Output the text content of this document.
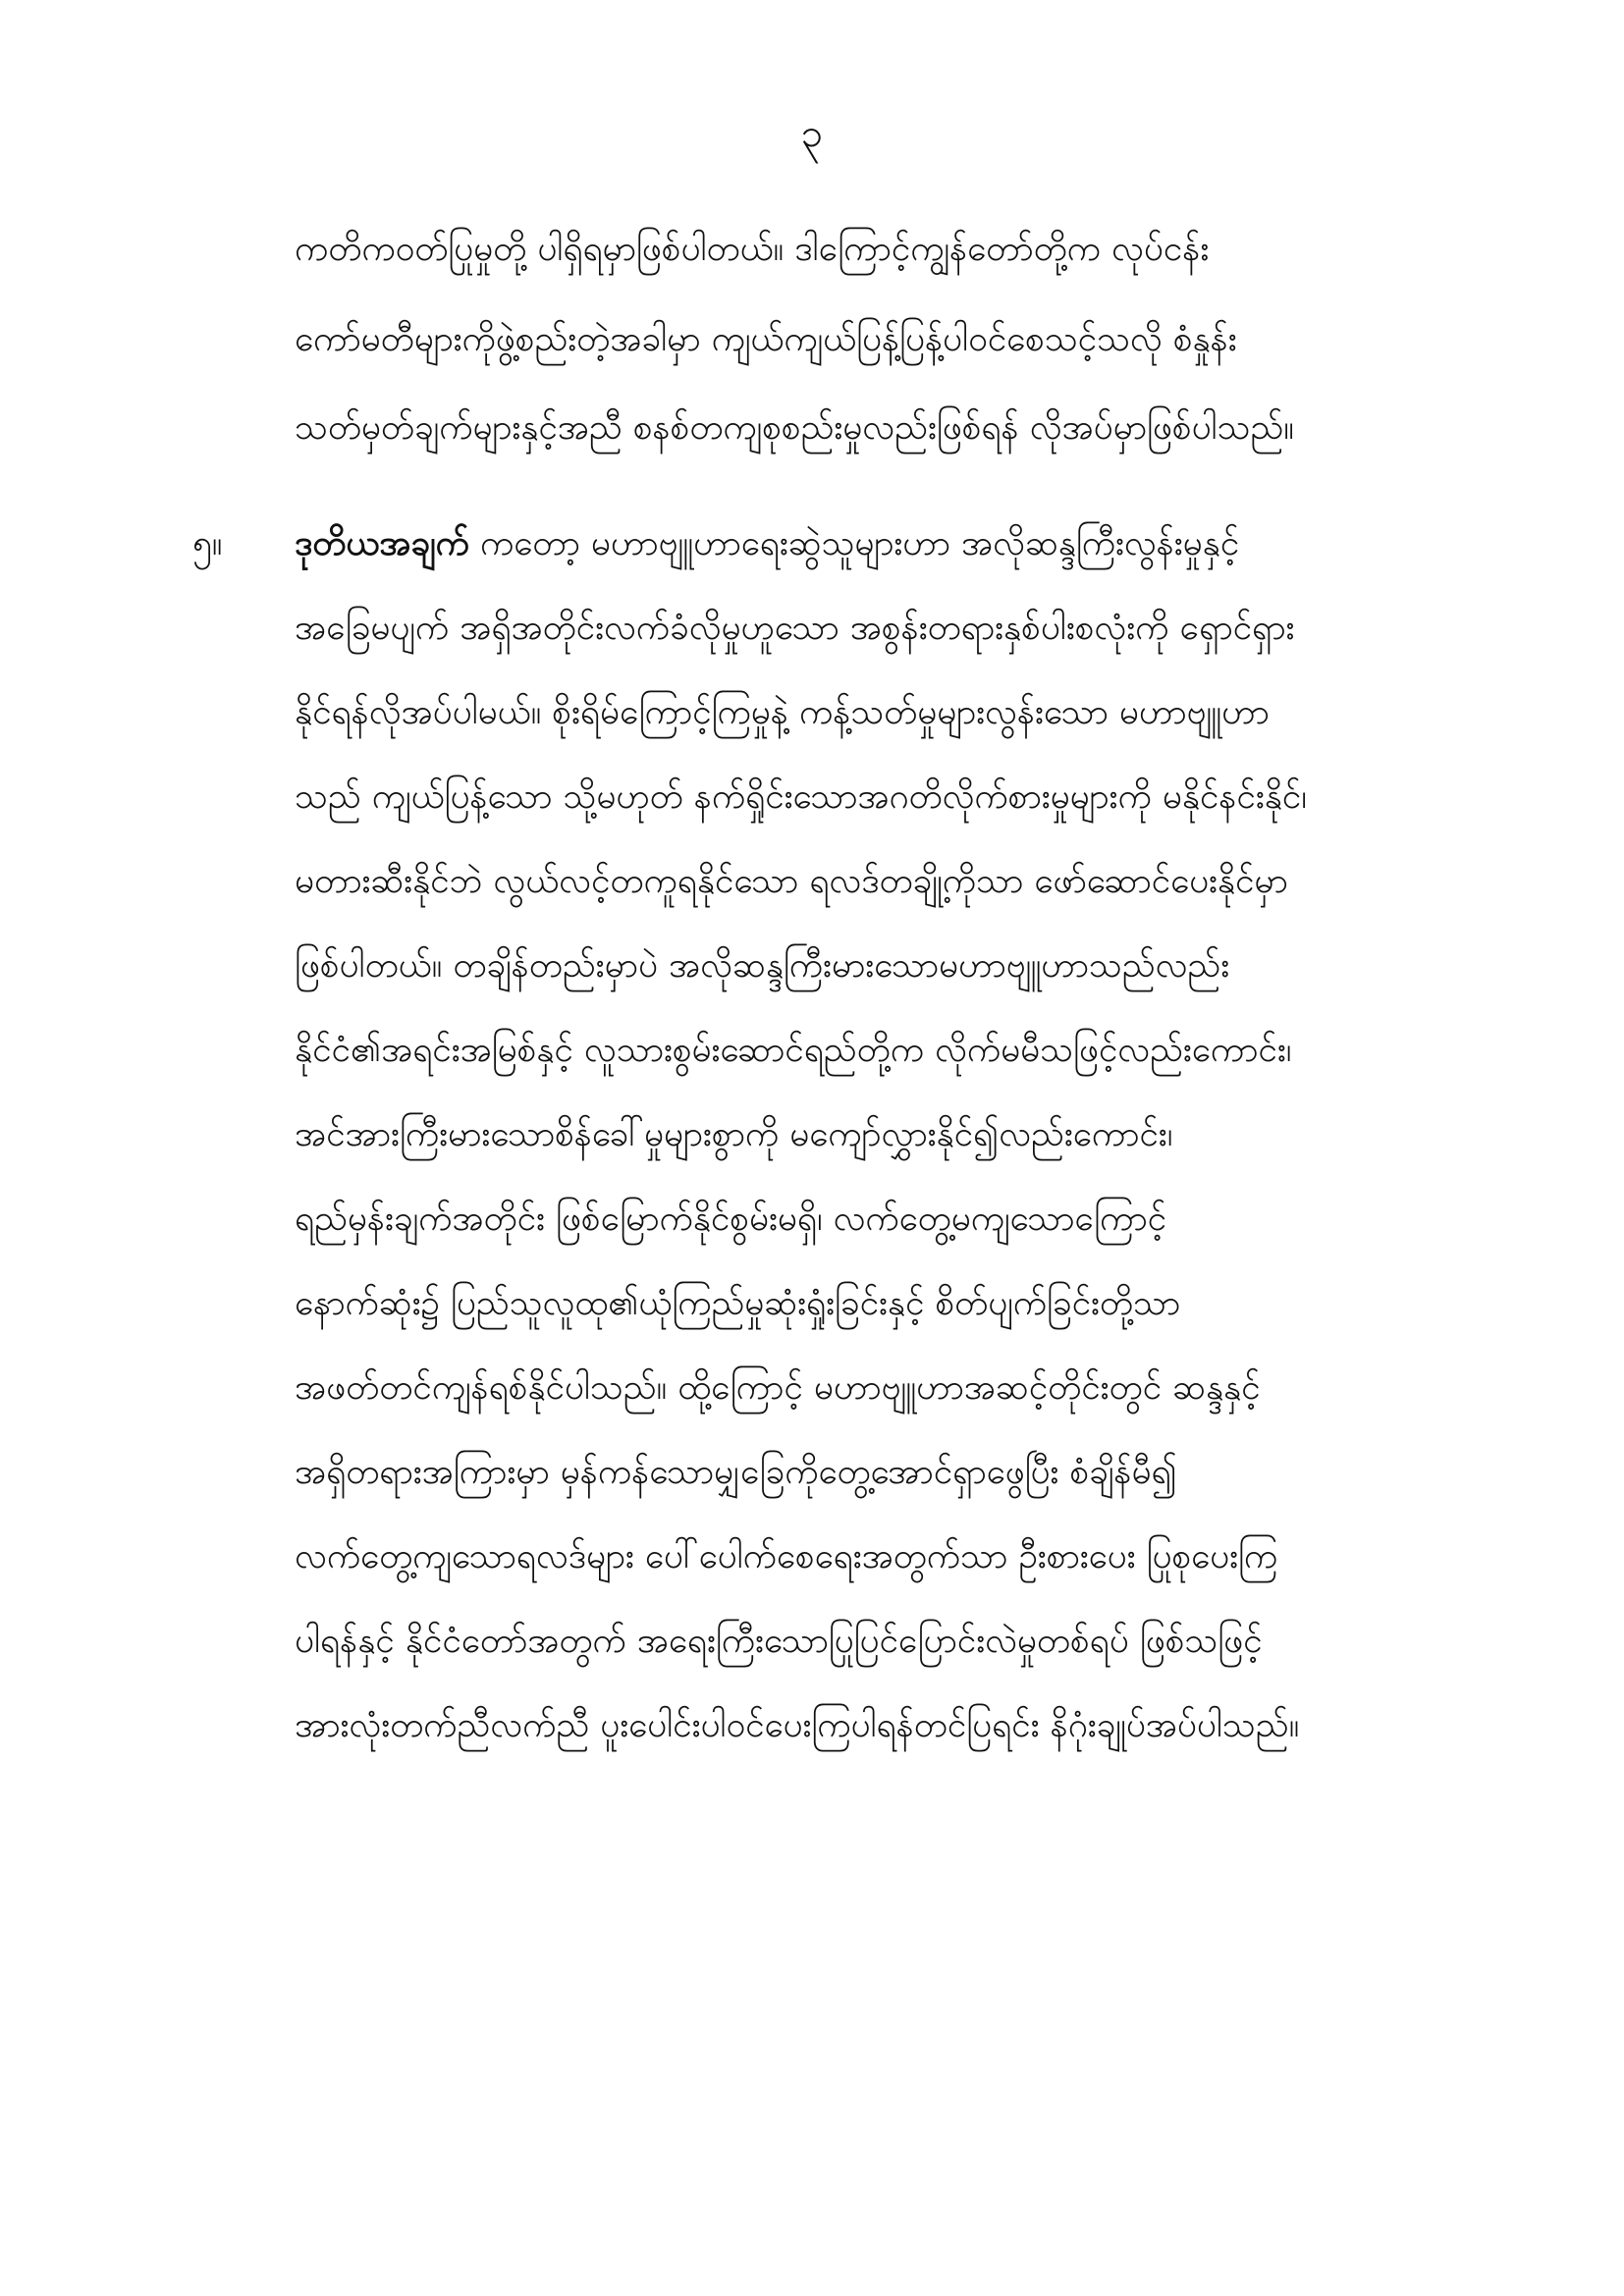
၃
ကတိကဝတ်ပြုမှုတို့ ပါရှိရမှာဖြစ်ပါတယ်။ ဒါကြောင့်ကျွန်တော်တို့က လုပ်ငန်း
ကော်မတီများကိုဖွဲ့စည်းတဲ့အခါမှာ ကျယ်ကျယ်ပြန့်ပြန့်ပါဝင်စေသင့်သလို စံနှုန်း
သတ်မှတ်ချက်များနှင့်အညီ စနစ်တကျစုစည်းမှုလည်းဖြစ်ရန် လိုအပ်မှာဖြစ်ပါသည်။
၅။ ဒုတိယအချက် ကတော့ မဟာဗျူဟာရေးဆွဲသူများဟာ အလိုဆန္ဒကြီးလွန်းမှုနှင့်
အခြေမပျက် အရှိအတိုင်းလက်ခံလိုမှုဟူသော အစွန်းတရားနှစ်ပါးစလုံးကို ရှောင်ရှား
နိုင်ရန်လိုအပ်ပါမယ်။ စိုးရိမ်ကြောင့်ကြမှုနဲ့ ကန့်သတ်မှုများလွန်းသော မဟာဗျူဟာ
သည် ကျယ်ပြန့်သော သို့မဟုတ် နက်ရှိုင်းသောအဂတိလိုက်စားမှုများကို မနိုင်နင်းနိုင်၊
မတားဆီးနိုင်ဘဲ လွယ်လင့်တကူရနိုင်သော ရလဒ်တချို့ကိုသာ ဖော်ဆောင်ပေးနိုင်မှာ
ဖြစ်ပါတယ်။ တချိန်တည်းမှာပဲ အလိုဆန္ဒကြီးမားသောမဟာဗျူဟာသည်လည်း
နိုင်ငံ၏အရင်းအမြစ်နှင့် လူသားစွမ်းဆောင်ရည်တို့က လိုက်မမီသဖြင့်လည်းကောင်း၊
အင်အားကြီးမားသောစိန်ခေါ်မှုများစွာကို မကျော်လွှားနိုင်၍လည်းကောင်း၊
ရည်မှန်းချက်အတိုင်း ဖြစ်မြောက်နိုင်စွမ်းမရှိ၊ လက်တွေ့မကျသောကြောင့်
နောက်ဆုံး၌ ပြည်သူလူထု၏ယုံကြည်မှုဆုံးရှုံးခြင်းနှင့် စိတ်ပျက်ခြင်းတို့သာ
အဖတ်တင်ကျန်ရစ်နိုင်ပါသည်။ ထို့ကြောင့် မဟာဗျူဟာအဆင့်တိုင်းတွင် ဆန္ဒနှင့်
အရှိတရားအကြားမှာ မှန်ကန်သောမျှခြေကိုတွေ့အောင်ရှာဖွေပြီး စံချိန်မီ၍
လက်တွေ့ကျသောရလဒ်များ ပေါ်ပေါက်စေရေးအတွက်သာ ဦးစားပေး ပြုစုပေးကြ
ပါရန်နှင့် နိုင်ငံတော်အတွက် အရေးကြီးသောပြုပြင်ပြောင်းလဲမှုတစ်ရပ် ဖြစ်သဖြင့်
အားလုံးတက်ညီလက်ညီ ပူးပေါင်းပါဝင်ပေးကြပါရန်တင်ပြရင်း နိဂုံးချုပ်အပ်ပါသည်။
